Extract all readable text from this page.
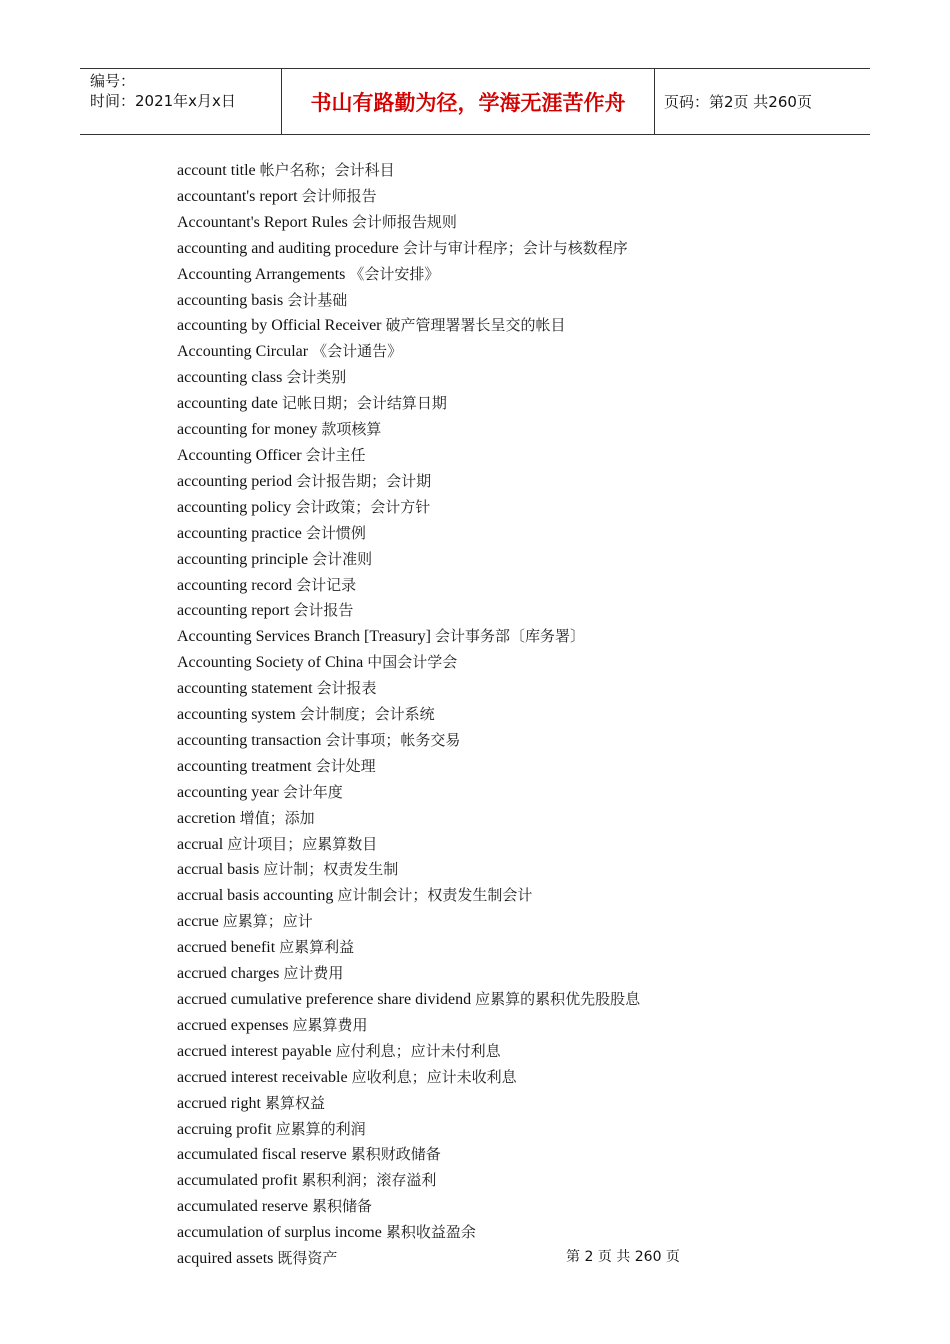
编号：
时间：2021年x月x日	书山有路勤为径，学海无涯苦作舟	页码：第2页 共260页
account title 帐户名称；会计科目
accountant's report 会计师报告
Accountant's Report Rules 会计师报告规则
accounting and auditing procedure 会计与审计程序；会计与核数程序
Accounting Arrangements 《会计安排》
accounting basis 会计基础
accounting by Official Receiver 破产管理署署长呈交的帐目
Accounting Circular 《会计通告》
accounting class 会计类别
accounting date 记帐日期；会计结算日期
accounting for money 款项核算
Accounting Officer 会计主任
accounting period 会计报告期；会计期
accounting policy 会计政策；会计方针
accounting practice 会计惯例
accounting principle 会计准则
accounting record 会计记录
accounting report 会计报告
Accounting Services Branch [Treasury] 会计事务部〔库务署〕
Accounting Society of China 中国会计学会
accounting statement 会计报表
accounting system 会计制度；会计系统
accounting transaction 会计事项；帐务交易
accounting treatment 会计处理
accounting year 会计年度
accretion 增值；添加
accrual 应计项目；应累算数目
accrual basis 应计制；权责发生制
accrual basis accounting 应计制会计；权责发生制会计
accrue 应累算；应计
accrued benefit 应累算利益
accrued charges 应计费用
accrued cumulative preference share dividend 应累算的累积优先股股息
accrued expenses 应累算费用
accrued interest payable 应付利息；应计未付利息
accrued interest receivable 应收利息；应计未收利息
accrued right 累算权益
accruing profit 应累算的利润
accumulated fiscal reserve 累积财政储备
accumulated profit 累积利润；滚存溢利
accumulated reserve 累积储备
accumulation of surplus income 累积收益盈余
acquired assets 既得资产	第 2 页 共 260 页
